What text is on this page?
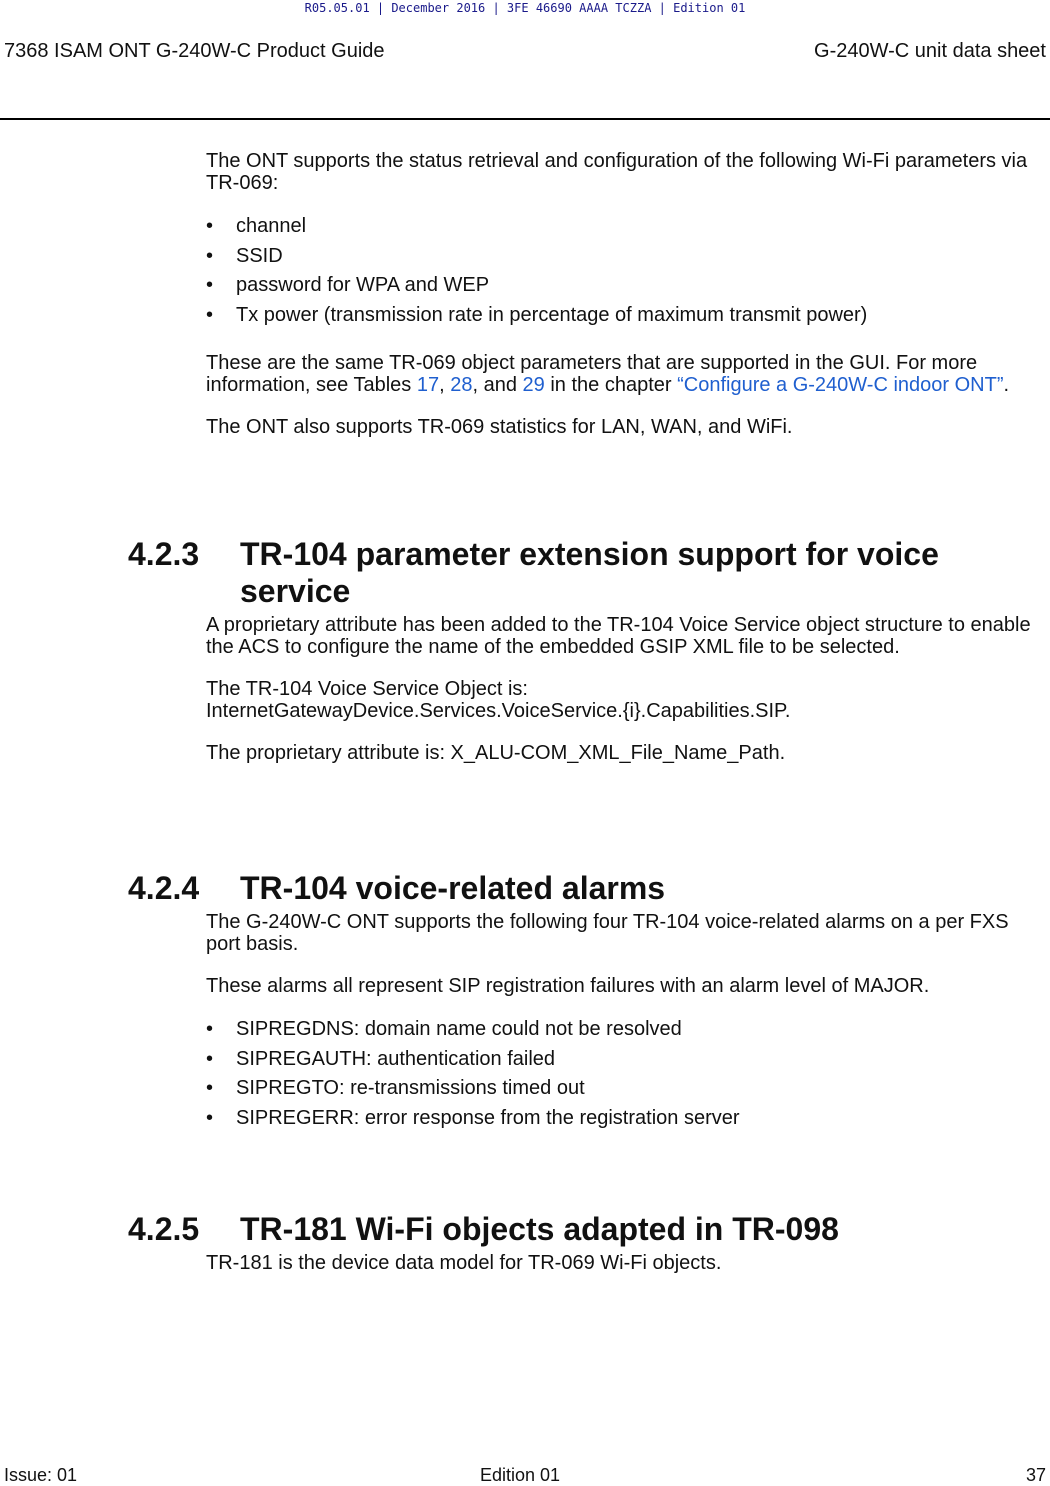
R05.05.01 | December 2016 | 3FE 46690 AAAA TCZZA | Edition 01
7368 ISAM ONT G-240W-C Product Guide	G-240W-C unit data sheet

The ONT supports the status retrieval and configuration of the following Wi-Fi parameters via TR-069:

• channel
• SSID
• password for WPA and WEP
• Tx power (transmission rate in percentage of maximum transmit power)

These are the same TR-069 object parameters that are supported in the GUI. For more information, see Tables 17, 28, and 29 in the chapter “Configure a G-240W-C indoor ONT”.

The ONT also supports TR-069 statistics for LAN, WAN, and WiFi.

4.2.3	TR-104 parameter extension support for voice service

A proprietary attribute has been added to the TR-104 Voice Service object structure to enable the ACS to configure the name of the embedded GSIP XML file to be selected.

The TR-104 Voice Service Object is:
InternetGatewayDevice.Services.VoiceService.{i}.Capabilities.SIP.

The proprietary attribute is: X_ALU-COM_XML_File_Name_Path.

4.2.4	TR-104 voice-related alarms

The G-240W-C ONT supports the following four TR-104 voice-related alarms on a per FXS port basis.

These alarms all represent SIP registration failures with an alarm level of MAJOR.

• SIPREGDNS: domain name could not be resolved
• SIPREGAUTH: authentication failed
• SIPREGTO: re-transmissions timed out
• SIPREGERR: error response from the registration server
4.2.5	TR-181 Wi-Fi objects adapted in TR-098

TR-181 is the device data model for TR-069 Wi-Fi objects.

Issue: 01	Edition 01	37
